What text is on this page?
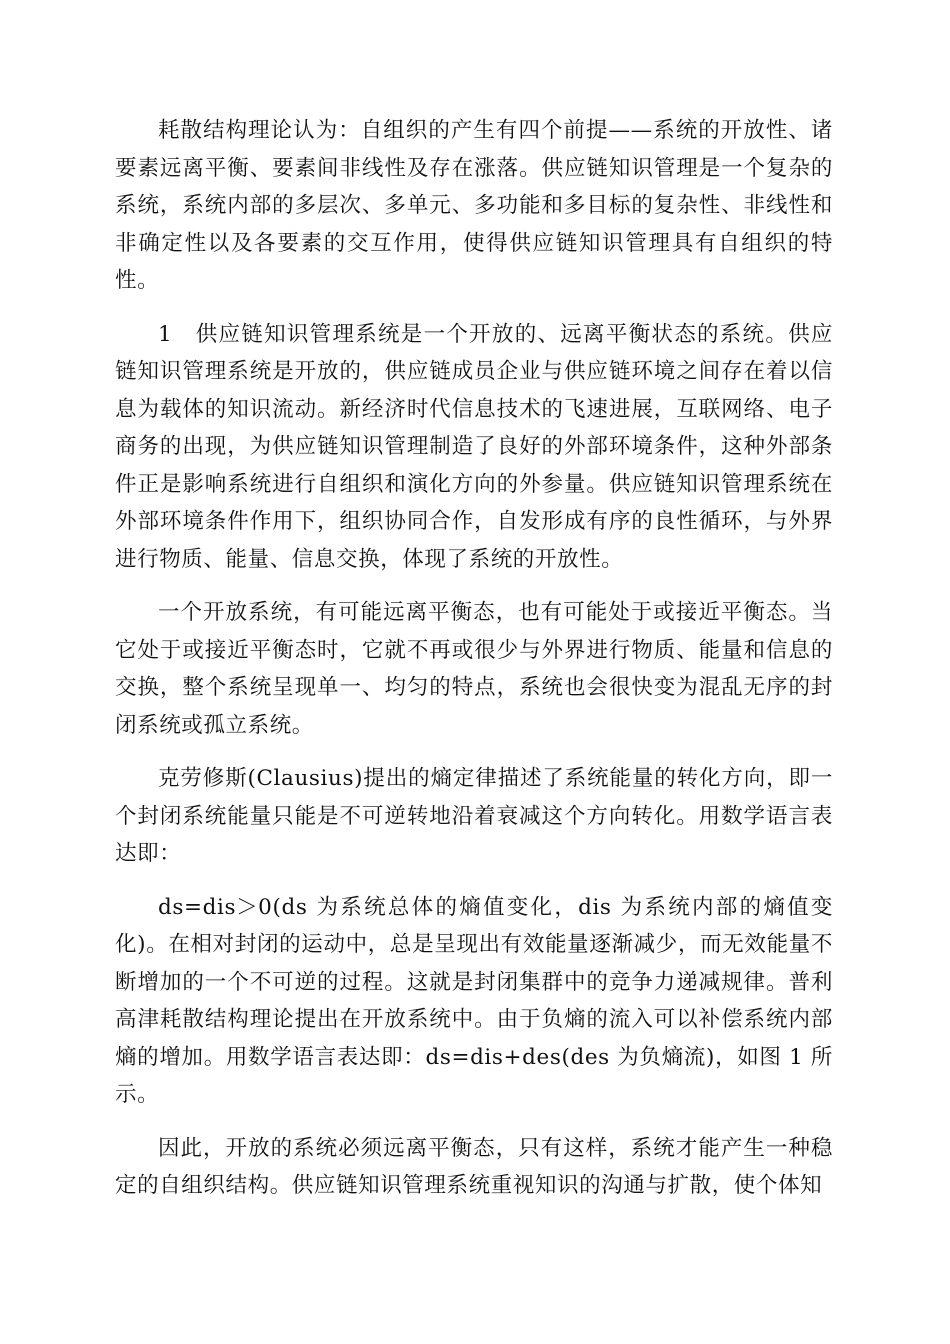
耗散结构理论认为：自组织的产生有四个前提——系统的开放性、诸要素远离平衡、要素间非线性及存在涨落。供应链知识管理是一个复杂的系统，系统内部的多层次、多单元、多功能和多目标的复杂性、非线性和非确定性以及各要素的交互作用，使得供应链知识管理具有自组织的特性。

1　供应链知识管理系统是一个开放的、远离平衡状态的系统。供应链知识管理系统是开放的，供应链成员企业与供应链环境之间存在着以信息为载体的知识流动。新经济时代信息技术的飞速进展，互联网络、电子商务的出现，为供应链知识管理制造了良好的外部环境条件，这种外部条件正是影响系统进行自组织和演化方向的外参量。供应链知识管理系统在外部环境条件作用下，组织协同合作，自发形成有序的良性循环，与外界进行物质、能量、信息交换，体现了系统的开放性。

一个开放系统，有可能远离平衡态，也有可能处于或接近平衡态。当它处于或接近平衡态时，它就不再或很少与外界进行物质、能量和信息的交换，整个系统呈现单一、均匀的特点，系统也会很快变为混乱无序的封闭系统或孤立系统。

克劳修斯(Clausius)提出的熵定律描述了系统能量的转化方向，即一个封闭系统能量只能是不可逆转地沿着衰减这个方向转化。用数学语言表达即：

ds=dis＞0(ds 为系统总体的熵值变化，dis 为系统内部的熵值变化)。在相对封闭的运动中，总是呈现出有效能量逐渐减少，而无效能量不断增加的一个不可逆的过程。这就是封闭集群中的竞争力递减规律。普利高津耗散结构理论提出在开放系统中。由于负熵的流入可以补偿系统内部熵的增加。用数学语言表达即：ds=dis+des(des 为负熵流)，如图 1 所示。

因此，开放的系统必须远离平衡态，只有这样，系统才能产生一种稳定的自组织结构。供应链知识管理系统重视知识的沟通与扩散，使个体知
